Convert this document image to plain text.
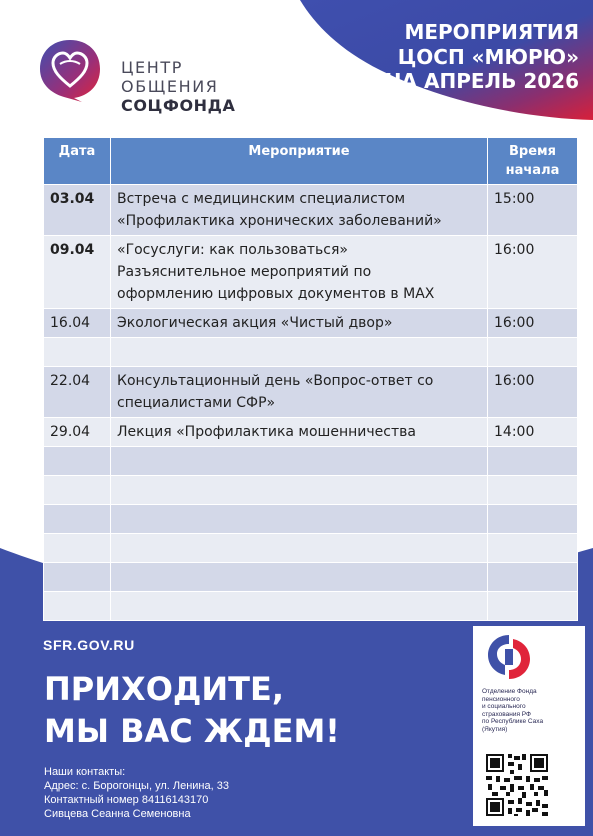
ЦЕНТР
ОБЩЕНИЯ
СОЦФОНДА
МЕРОПРИЯТИЯ
ЦОСП «МЮРЮ»
НА АПРЕЛЬ 2026
Дата	Мероприятие	Время
начала

03.04	Встреча с медицинским специалистом
«Профилактика хронических заболеваний»	15:00
09.04	«Госуслуги: как пользоваться»
Разъяснительное мероприятий по
оформлению цифровых документов в MAX	16:00
16.04	Экологическая акция «Чистый двор»	16:00

22.04	Консультационный день «Вопрос-ответ со
специалистами СФР»	16:00
29.04	Лекция «Профилактика мошенничества	14:00

SFR.GOV.RU
ПРИХОДИТЕ,
МЫ ВАС ЖДЕМ!
Наши контакты:
Адрес: с. Борогонцы, ул. Ленина, 33
Контактный номер 84116143170
Сивцева Сеанна Семеновна
Отделение Фонда
пенсионного
и социального
страхования РФ
по Республике Саха
(Якутия)
